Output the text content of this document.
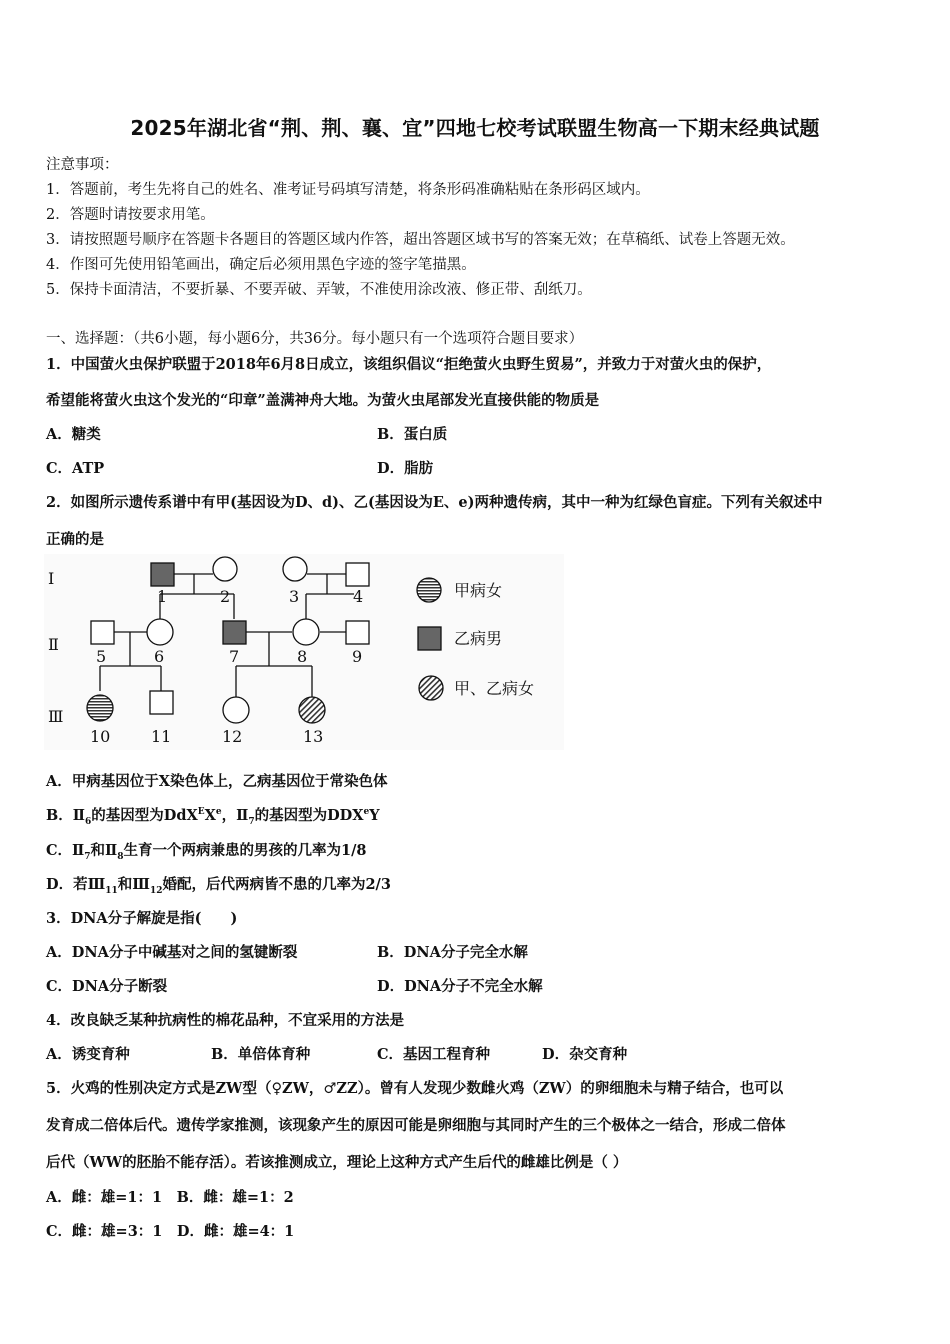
2025年湖北省“荆、荆、襄、宜”四地七校考试联盟生物高一下期末经典试题
注意事项：
1．答题前，考生先将自己的姓名、准考证号码填写清楚，将条形码准确粘贴在条形码区域内。
2．答题时请按要求用笔。
3．请按照题号顺序在答题卡各题目的答题区域内作答，超出答题区域书写的答案无效；在草稿纸、试卷上答题无效。
4．作图可先使用铅笔画出，确定后必须用黑色字迹的签字笔描黑。
5．保持卡面清洁，不要折暴、不要弄破、弄皱，不准使用涂改液、修正带、刮纸刀。
一、选择题：（共6小题，每小题6分，共36分。每小题只有一个选项符合题目要求）
1．中国萤火虫保护联盟于2018年6月8日成立，该组织倡议“拒绝萤火虫野生贸易”，并致力于对萤火虫的保护，
希望能将萤火虫这个发光的“印章”盖满神舟大地。为萤火虫尾部发光直接供能的物质是
A．糖类	B．蛋白质
C．ATP	D．脂肪
2．如图所示遗传系谱中有甲(基因设为D、d)、乙(基因设为E、e)两种遗传病，其中一种为红绿色盲症。下列有关叙述中
正确的是
Ⅰ
Ⅱ
Ⅲ
1	2	3	4
5	6	7	8	9
10	11	12	13
甲病女
乙病男
甲、乙病女
A．甲病基因位于X染色体上，乙病基因位于常染色体
B．$Ⅱ_6$的基因型为DdX$^E$Xe，$Ⅱ_7$的基因型为DDXeY
C．$Ⅱ_7$和$Ⅱ_8$生育一个两病兼患的男孩的几率为1/8
D．若$Ⅲ_{11}$和$Ⅲ_{12}$婚配，后代两病皆不患的几率为2/3
3．DNA分子解旋是指(　　)
A．DNA分子中碱基对之间的氢键断裂	B．DNA分子完全水解
C．DNA分子断裂	D．DNA分子不完全水解
4．改良缺乏某种抗病性的棉花品种，不宜采用的方法是
A．诱变育种	B．单倍体育种	C．基因工程育种	D．杂交育种
5．火鸡的性别决定方式是ZW型（♀ZW，♂ZZ）。曾有人发现少数雌火鸡（ZW）的卵细胞未与精子结合，也可以
发育成二倍体后代。遗传学家推测，该现象产生的原因可能是卵细胞与其同时产生的三个极体之一结合，形成二倍体
后代（WW的胚胎不能存活）。若该推测成立，理论上这种方式产生后代的雌雄比例是（ ）
A．雌：雄=1：1　B．雌：雄=1：2
C．雌：雄=3：1　D．雌：雄=4：1
